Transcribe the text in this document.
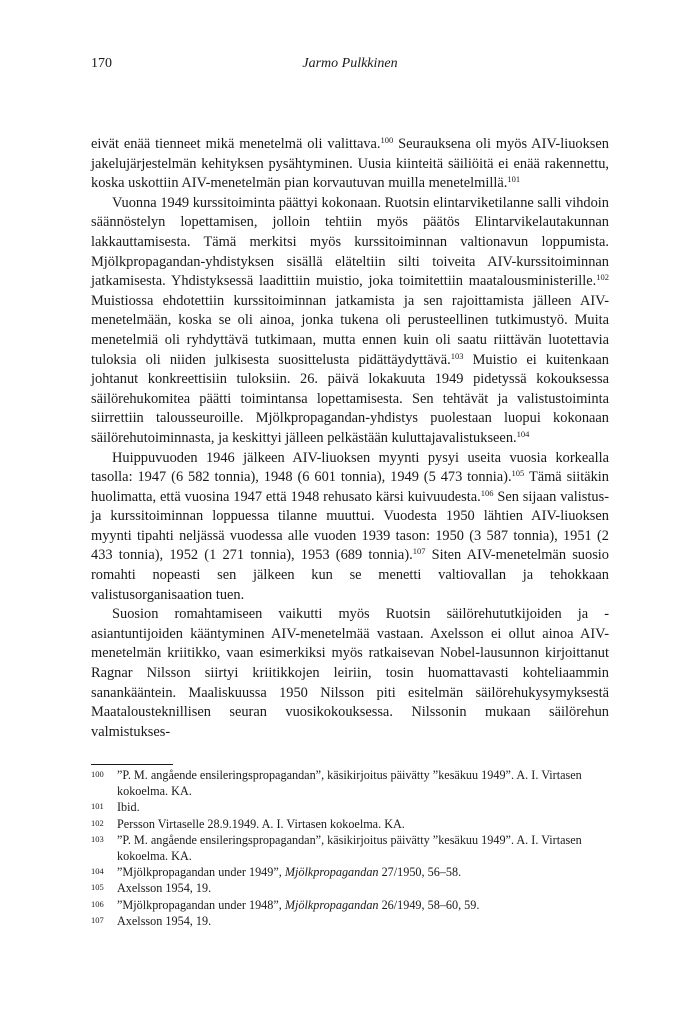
170	Jarmo Pulkkinen

eivät enää tienneet mikä menetelmä oli valittava.$^{100}$ Seurauksena oli myös AIV-liuoksen jakelujärjestelmän kehityksen pysähtyminen. Uusia kiinteitä säiliöitä ei enää rakennettu, koska uskottiin AIV-menetelmän pian korvautuvan muilla menetelmillä.$^{101}$

Vuonna 1949 kurssitoiminta päättyi kokonaan. Ruotsin elintarviketilanne salli vihdoin säännöstelyn lopettamisen, jolloin tehtiin myös päätös Elintarvikelautakunnan lakkauttamisesta. Tämä merkitsi myös kurssitoiminnan valtionavun loppumista. Mjölkpropagandan-yhdistyksen sisällä eläteltiin silti toiveita AIV-kurssitoiminnan jatkamisesta. Yhdistyksessä laadittiin muistio, joka toimitettiin maatalousministerille.$^{102}$ Muistiossa ehdotettiin kurssitoiminnan jatkamista ja sen rajoittamista jälleen AIV-menetelmään, koska se oli ainoa, jonka tukena oli perusteellinen tutkimustyö. Muita menetelmiä oli ryhdyttävä tutkimaan, mutta ennen kuin oli saatu riittävän luotettavia tuloksia oli niiden julkisesta suosittelusta pidättäydyttävä.$^{103}$ Muistio ei kuitenkaan johtanut konkreettisiin tuloksiin. 26. päivä lokakuuta 1949 pidetyssä kokouksessa säilörehukomitea päätti toimintansa lopettamisesta. Sen tehtävät ja valistustoiminta siirrettiin talousseuroille. Mjölkpropagandan-yhdistys puolestaan luopui kokonaan säilörehutoiminnasta, ja keskittyi jälleen pelkästään kuluttajavalistukseen.$^{104}$

Huippuvuoden 1946 jälkeen AIV-liuoksen myynti pysyi useita vuosia korkealla tasolla: 1947 (6 582 tonnia), 1948 (6 601 tonnia), 1949 (5 473 tonnia).$^{105}$ Tämä siitäkin huolimatta, että vuosina 1947 että 1948 rehusato kärsi kuivuudesta.$^{106}$ Sen sijaan valistus- ja kurssitoiminnan loppuessa tilanne muuttui. Vuodesta 1950 lähtien AIV-liuoksen myynti tipahti neljässä vuodessa alle vuoden 1939 tason: 1950 (3 587 tonnia), 1951 (2 433 tonnia), 1952 (1 271 tonnia), 1953 (689 tonnia).$^{107}$ Siten AIV-menetelmän suosio romahti nopeasti sen jälkeen kun se menetti valtiovallan ja tehokkaan valistusorganisaation tuen.

Suosion romahtamiseen vaikutti myös Ruotsin säilörehututkijoiden ja -asiantuntijoiden kääntyminen AIV-menetelmää vastaan. Axelsson ei ollut ainoa AIV-menetelmän kriitikko, vaan esimerkiksi myös ratkaisevan Nobel-lausunnon kirjoittanut Ragnar Nilsson siirtyi kriitikkojen leiriin, tosin huomattavasti kohteliaammin sanankääntein. Maaliskuussa 1950 Nilsson piti esitelmän säilörehukysymyksestä Maatalousteknillisen seuran vuosikokouksessa. Nilssonin mukaan säilörehun valmistukses-

100	”P. M. angående ensileringspropagandan”, käsikirjoitus päivätty ”kesäkuu 1949”. A. I. Virtasen kokoelma. KA.
101	Ibid.
102	Persson Virtaselle 28.9.1949. A. I. Virtasen kokoelma. KA.
103	”P. M. angående ensileringspropagandan”, käsikirjoitus päivätty ”kesäkuu 1949”. A. I. Virtasen kokoelma. KA.
104	”Mjölkpropagandan under 1949”, Mjölkpropagandan 27/1950, 56–58.
105	Axelsson 1954, 19.
106	”Mjölkpropagandan under 1948”, Mjölkpropagandan 26/1949, 58–60, 59.
107	Axelsson 1954, 19.
